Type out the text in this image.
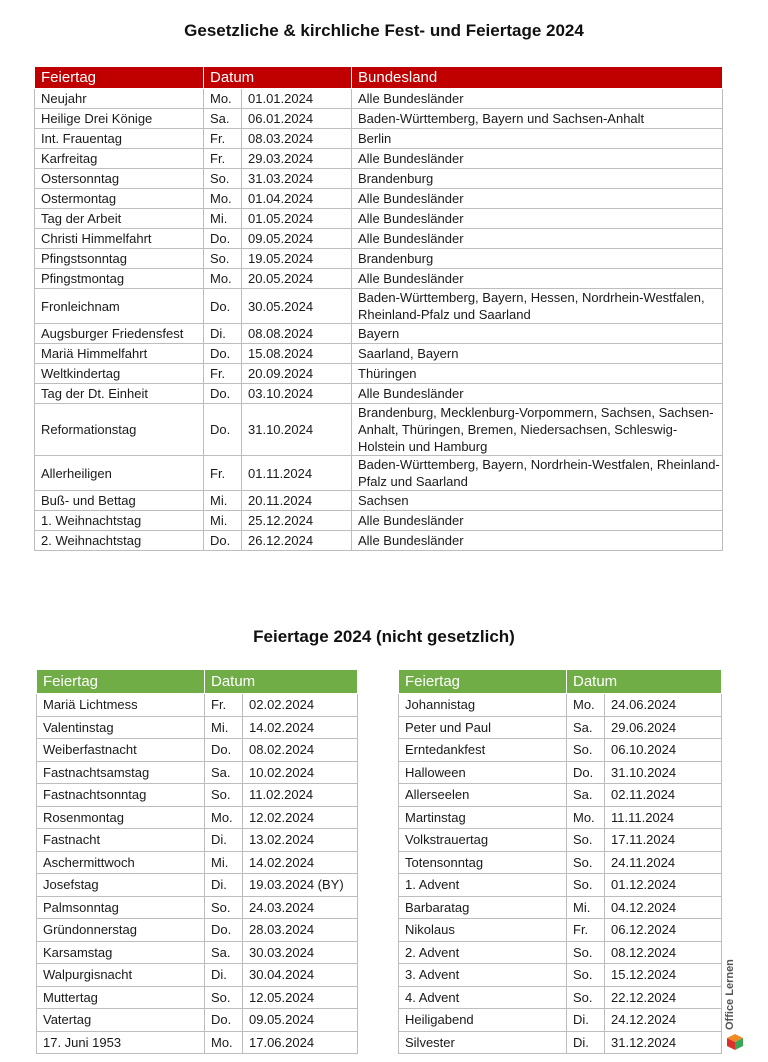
Gesetzliche & kirchliche Fest- und Feiertage 2024
Feiertag	Datum		Bundesland
Neujahr	Mo.	01.01.2024	Alle Bundesländer
Heilige Drei Könige	Sa.	06.01.2024	Baden-Württemberg, Bayern und Sachsen-Anhalt
Int. Frauentag	Fr.	08.03.2024	Berlin
Karfreitag	Fr.	29.03.2024	Alle Bundesländer
Ostersonntag	So.	31.03.2024	Brandenburg
Ostermontag	Mo.	01.04.2024	Alle Bundesländer
Tag der Arbeit	Mi.	01.05.2024	Alle Bundesländer
Christi Himmelfahrt	Do.	09.05.2024	Alle Bundesländer
Pfingstsonntag	So.	19.05.2024	Brandenburg
Pfingstmontag	Mo.	20.05.2024	Alle Bundesländer
Fronleichnam	Do.	30.05.2024	Baden-Württemberg, Bayern, Hessen, Nordrhein-Westfalen, Rheinland-Pfalz und Saarland
Augsburger Friedensfest	Di.	08.08.2024	Bayern
Mariä Himmelfahrt	Do.	15.08.2024	Saarland, Bayern
Weltkindertag	Fr.	20.09.2024	Thüringen
Tag der Dt. Einheit	Do.	03.10.2024	Alle Bundesländer
Reformationstag	Do.	31.10.2024	Brandenburg, Mecklenburg-Vorpommern, Sachsen, Sachsen-Anhalt, Thüringen, Bremen, Niedersachsen, Schleswig-Holstein und Hamburg
Allerheiligen	Fr.	01.11.2024	Baden-Württemberg, Bayern, Nordrhein-Westfalen, Rheinland-Pfalz und Saarland
Buß- und Bettag	Mi.	20.11.2024	Sachsen
1. Weihnachtstag	Mi.	25.12.2024	Alle Bundesländer
2. Weihnachtstag	Do.	26.12.2024	Alle Bundesländer
Feiertage 2024 (nicht gesetzlich)
Feiertag	Datum	
Mariä Lichtmess	Fr.	02.02.2024
Valentinstag	Mi.	14.02.2024
Weiberfastnacht	Do.	08.02.2024
Fastnachtsamstag	Sa.	10.02.2024
Fastnachtsonntag	So.	11.02.2024
Rosenmontag	Mo.	12.02.2024
Fastnacht	Di.	13.02.2024
Aschermittwoch	Mi.	14.02.2024
Josefstag	Di.	19.03.2024 (BY)
Palmsonntag	So.	24.03.2024
Gründonnerstag	Do.	28.03.2024
Karsamstag	Sa.	30.03.2024
Walpurgisnacht	Di.	30.04.2024
Muttertag	So.	12.05.2024
Vatertag	Do.	09.05.2024
17. Juni 1953	Mo.	17.06.2024
Feiertag	Datum	
Johannistag	Mo.	24.06.2024
Peter und Paul	Sa.	29.06.2024
Erntedankfest	So.	06.10.2024
Halloween	Do.	31.10.2024
Allerseelen	Sa.	02.11.2024
Martinstag	Mo.	11.11.2024
Volkstrauertag	So.	17.11.2024
Totensonntag	So.	24.11.2024
1. Advent	So.	01.12.2024
Barbaratag	Mi.	04.12.2024
Nikolaus	Fr.	06.12.2024
2. Advent	So.	08.12.2024
3. Advent	So.	15.12.2024
4. Advent	So.	22.12.2024
Heiligabend	Di.	24.12.2024
Silvester	Di.	31.12.2024
Office Lernen
